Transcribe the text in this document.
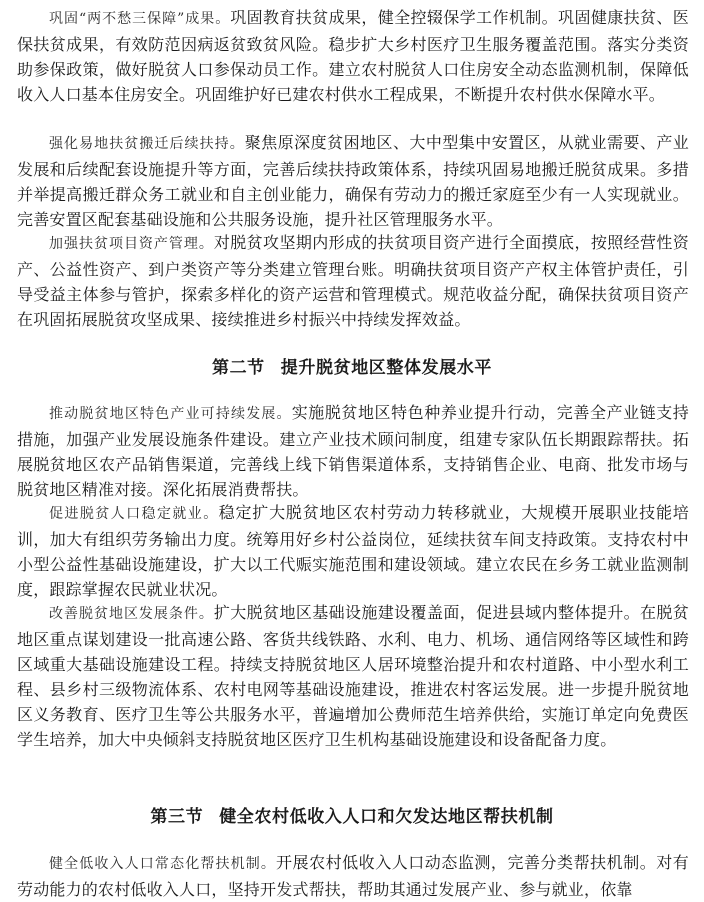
巩固“两不愁三保障”成果。巩固教育扶贫成果，健全控辍保学工作机制。巩固健康扶贫、医保扶贫成果，有效防范因病返贫致贫风险。稳步扩大乡村医疗卫生服务覆盖范围。落实分类资助参保政策，做好脱贫人口参保动员工作。建立农村脱贫人口住房安全动态监测机制，保障低收入人口基本住房安全。巩固维护好已建农村供水工程成果，不断提升农村供水保障水平。

强化易地扶贫搬迁后续扶持。聚焦原深度贫困地区、大中型集中安置区，从就业需要、产业发展和后续配套设施提升等方面，完善后续扶持政策体系，持续巩固易地搬迁脱贫成果。多措并举提高搬迁群众务工就业和自主创业能力，确保有劳动力的搬迁家庭至少有一人实现就业。完善安置区配套基础设施和公共服务设施，提升社区管理服务水平。

加强扶贫项目资产管理。对脱贫攻坚期内形成的扶贫项目资产进行全面摸底，按照经营性资产、公益性资产、到户类资产等分类建立管理台账。明确扶贫项目资产产权主体管护责任，引导受益主体参与管护，探索多样化的资产运营和管理模式。规范收益分配，确保扶贫项目资产在巩固拓展脱贫攻坚成果、接续推进乡村振兴中持续发挥效益。

第二节 提升脱贫地区整体发展水平

推动脱贫地区特色产业可持续发展。实施脱贫地区特色种养业提升行动，完善全产业链支持措施，加强产业发展设施条件建设。建立产业技术顾问制度，组建专家队伍长期跟踪帮扶。拓展脱贫地区农产品销售渠道，完善线上线下销售渠道体系，支持销售企业、电商、批发市场与脱贫地区精准对接。深化拓展消费帮扶。

促进脱贫人口稳定就业。稳定扩大脱贫地区农村劳动力转移就业，大规模开展职业技能培训，加大有组织劳务输出力度。统筹用好乡村公益岗位，延续扶贫车间支持政策。支持农村中小型公益性基础设施建设，扩大以工代赈实施范围和建设领域。建立农民在乡务工就业监测制度，跟踪掌握农民就业状况。

改善脱贫地区发展条件。扩大脱贫地区基础设施建设覆盖面，促进县域内整体提升。在脱贫地区重点谋划建设一批高速公路、客货共线铁路、水利、电力、机场、通信网络等区域性和跨区域重大基础设施建设工程。持续支持脱贫地区人居环境整治提升和农村道路、中小型水利工程、县乡村三级物流体系、农村电网等基础设施建设，推进农村客运发展。进一步提升脱贫地区义务教育、医疗卫生等公共服务水平，普遍增加公费师范生培养供给，实施订单定向免费医学生培养，加大中央倾斜支持脱贫地区医疗卫生机构基础设施建设和设备配备力度。

第三节 健全农村低收入人口和欠发达地区帮扶机制

健全低收入人口常态化帮扶机制。开展农村低收入人口动态监测，完善分类帮扶机制。对有劳动能力的农村低收入人口，坚持开发式帮扶，帮助其通过发展产业、参与就业，依靠
